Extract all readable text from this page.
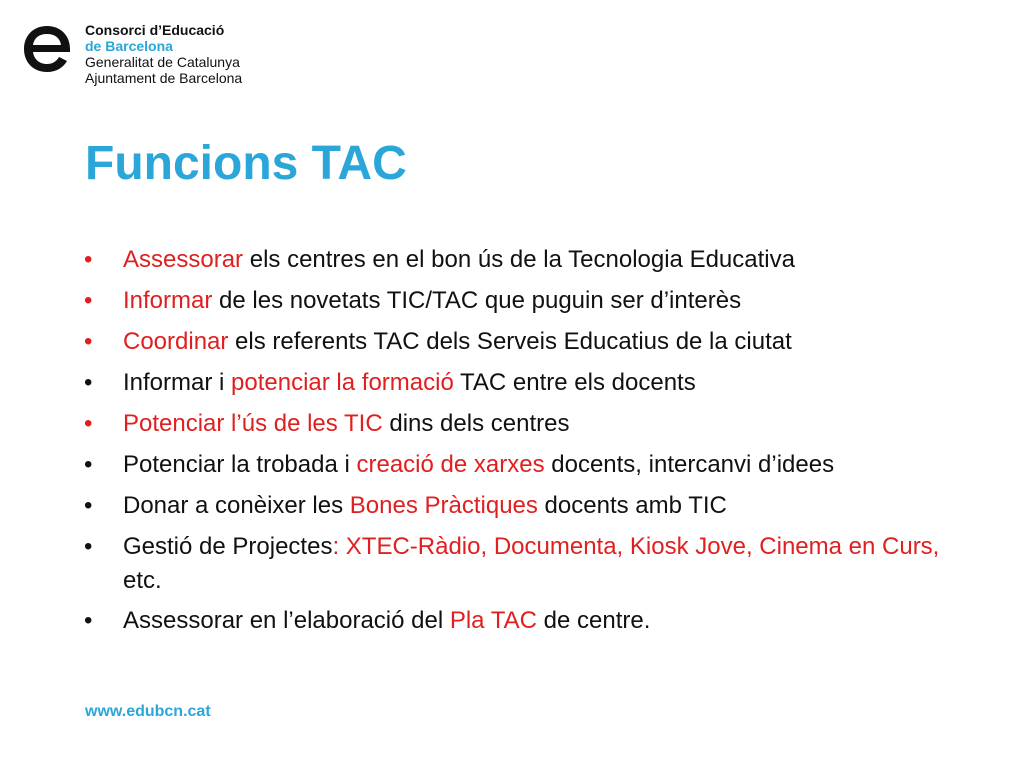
Consorci d’Educació
de Barcelona
Generalitat de Catalunya
Ajuntament de Barcelona
Funcions TAC
• Assessorar els centres en el bon ús de la Tecnologia Educativa
• Informar de les novetats TIC/TAC que puguin ser d’interès
• Coordinar els referents TAC dels Serveis Educatius de la ciutat
• Informar i potenciar la formació TAC entre els docents
• Potenciar l’ús de les TIC dins dels centres
• Potenciar la trobada i creació de xarxes docents, intercanvi d’idees
• Donar a conèixer les Bones Pràctiques docents amb TIC
• Gestió de Projectes: XTEC-Ràdio, Documenta, Kiosk Jove, Cinema en Curs, etc.
• Assessorar en l’elaboració del Pla TAC de centre.
www.edubcn.cat
